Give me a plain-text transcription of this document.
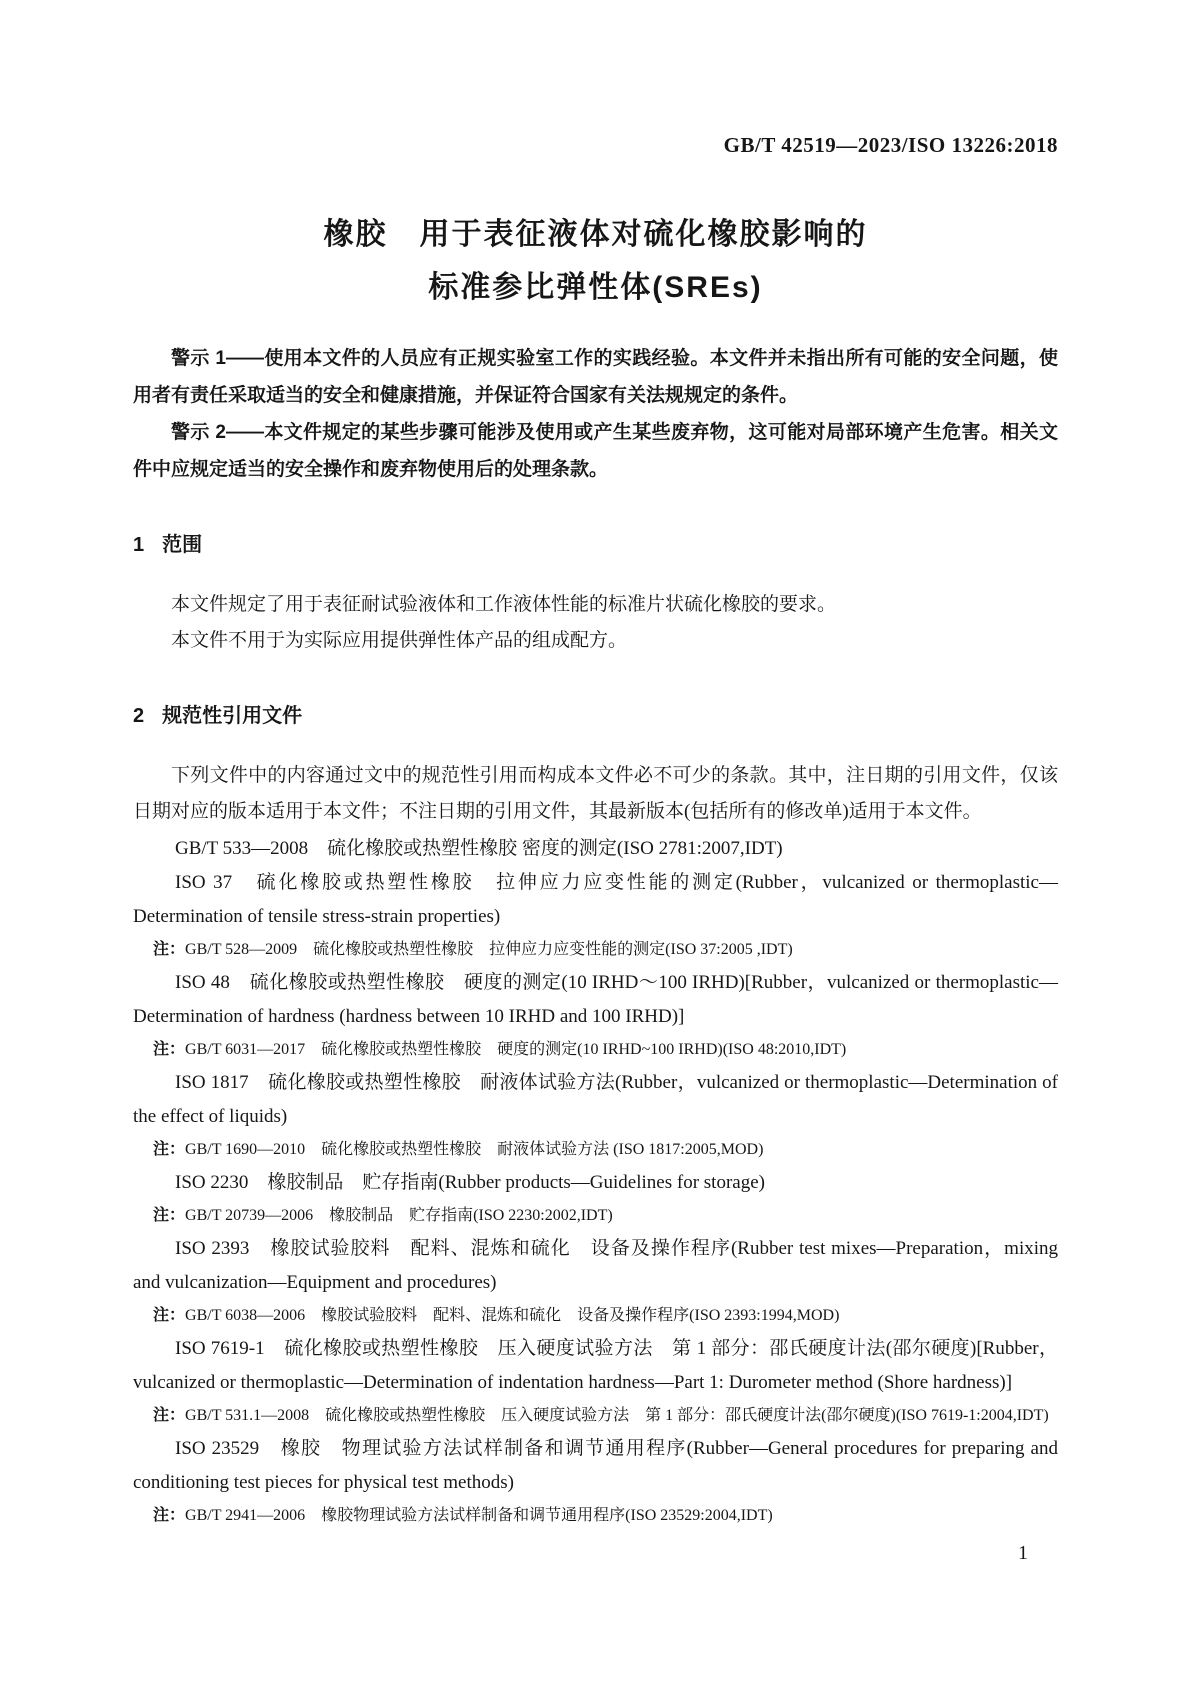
GB/T 42519—2023/ISO 13226:2018
橡胶　用于表征液体对硫化橡胶影响的
标准参比弹性体(SREs)

警示 1——使用本文件的人员应有正规实验室工作的实践经验。本文件并未指出所有可能的安全问题，使用者有责任采取适当的安全和健康措施，并保证符合国家有关法规规定的条件。

警示 2——本文件规定的某些步骤可能涉及使用或产生某些废弃物，这可能对局部环境产生危害。相关文件中应规定适当的安全操作和废弃物使用后的处理条款。

1 范围

本文件规定了用于表征耐试验液体和工作液体性能的标准片状硫化橡胶的要求。

本文件不用于为实际应用提供弹性体产品的组成配方。

2 规范性引用文件

下列文件中的内容通过文中的规范性引用而构成本文件必不可少的条款。其中，注日期的引用文件，仅该日期对应的版本适用于本文件；不注日期的引用文件，其最新版本(包括所有的修改单)适用于本文件。

GB/T 533—2008　硫化橡胶或热塑性橡胶 密度的测定(ISO 2781:2007,IDT)

ISO 37　硫化橡胶或热塑性橡胶　拉伸应力应变性能的测定(Rubber，vulcanized or thermoplastic—Determination of tensile stress-strain properties)

注：GB/T 528—2009　硫化橡胶或热塑性橡胶　拉伸应力应变性能的测定(ISO 37:2005 ,IDT)

ISO 48　硫化橡胶或热塑性橡胶　硬度的测定(10 IRHD～100 IRHD)[Rubber，vulcanized or thermoplastic—Determination of hardness (hardness between 10 IRHD and 100 IRHD)]

注：GB/T 6031—2017　硫化橡胶或热塑性橡胶　硬度的测定(10 IRHD~100 IRHD)(ISO 48:2010,IDT)

ISO 1817　硫化橡胶或热塑性橡胶　耐液体试验方法(Rubber，vulcanized or thermoplastic—Determination of the effect of liquids)

注：GB/T 1690—2010　硫化橡胶或热塑性橡胶　耐液体试验方法 (ISO 1817:2005,MOD)

ISO 2230　橡胶制品　贮存指南(Rubber products—Guidelines for storage)

注：GB/T 20739—2006　橡胶制品　贮存指南(ISO 2230:2002,IDT)

ISO 2393　橡胶试验胶料　配料、混炼和硫化　设备及操作程序(Rubber test mixes—Preparation，mixing and vulcanization—Equipment and procedures)

注：GB/T 6038—2006　橡胶试验胶料　配料、混炼和硫化　设备及操作程序(ISO 2393:1994,MOD)

ISO 7619-1　硫化橡胶或热塑性橡胶　压入硬度试验方法　第 1 部分：邵氏硬度计法(邵尔硬度)[Rubber，vulcanized or thermoplastic—Determination of indentation hardness—Part 1: Durometer method (Shore hardness)]

注：GB/T 531.1—2008　硫化橡胶或热塑性橡胶　压入硬度试验方法　第 1 部分：邵氏硬度计法(邵尔硬度)(ISO 7619-1:2004,IDT)

ISO 23529　橡胶　物理试验方法试样制备和调节通用程序(Rubber—General procedures for preparing and conditioning test pieces for physical test methods)

注：GB/T 2941—2006　橡胶物理试验方法试样制备和调节通用程序(ISO 23529:2004,IDT)

1
